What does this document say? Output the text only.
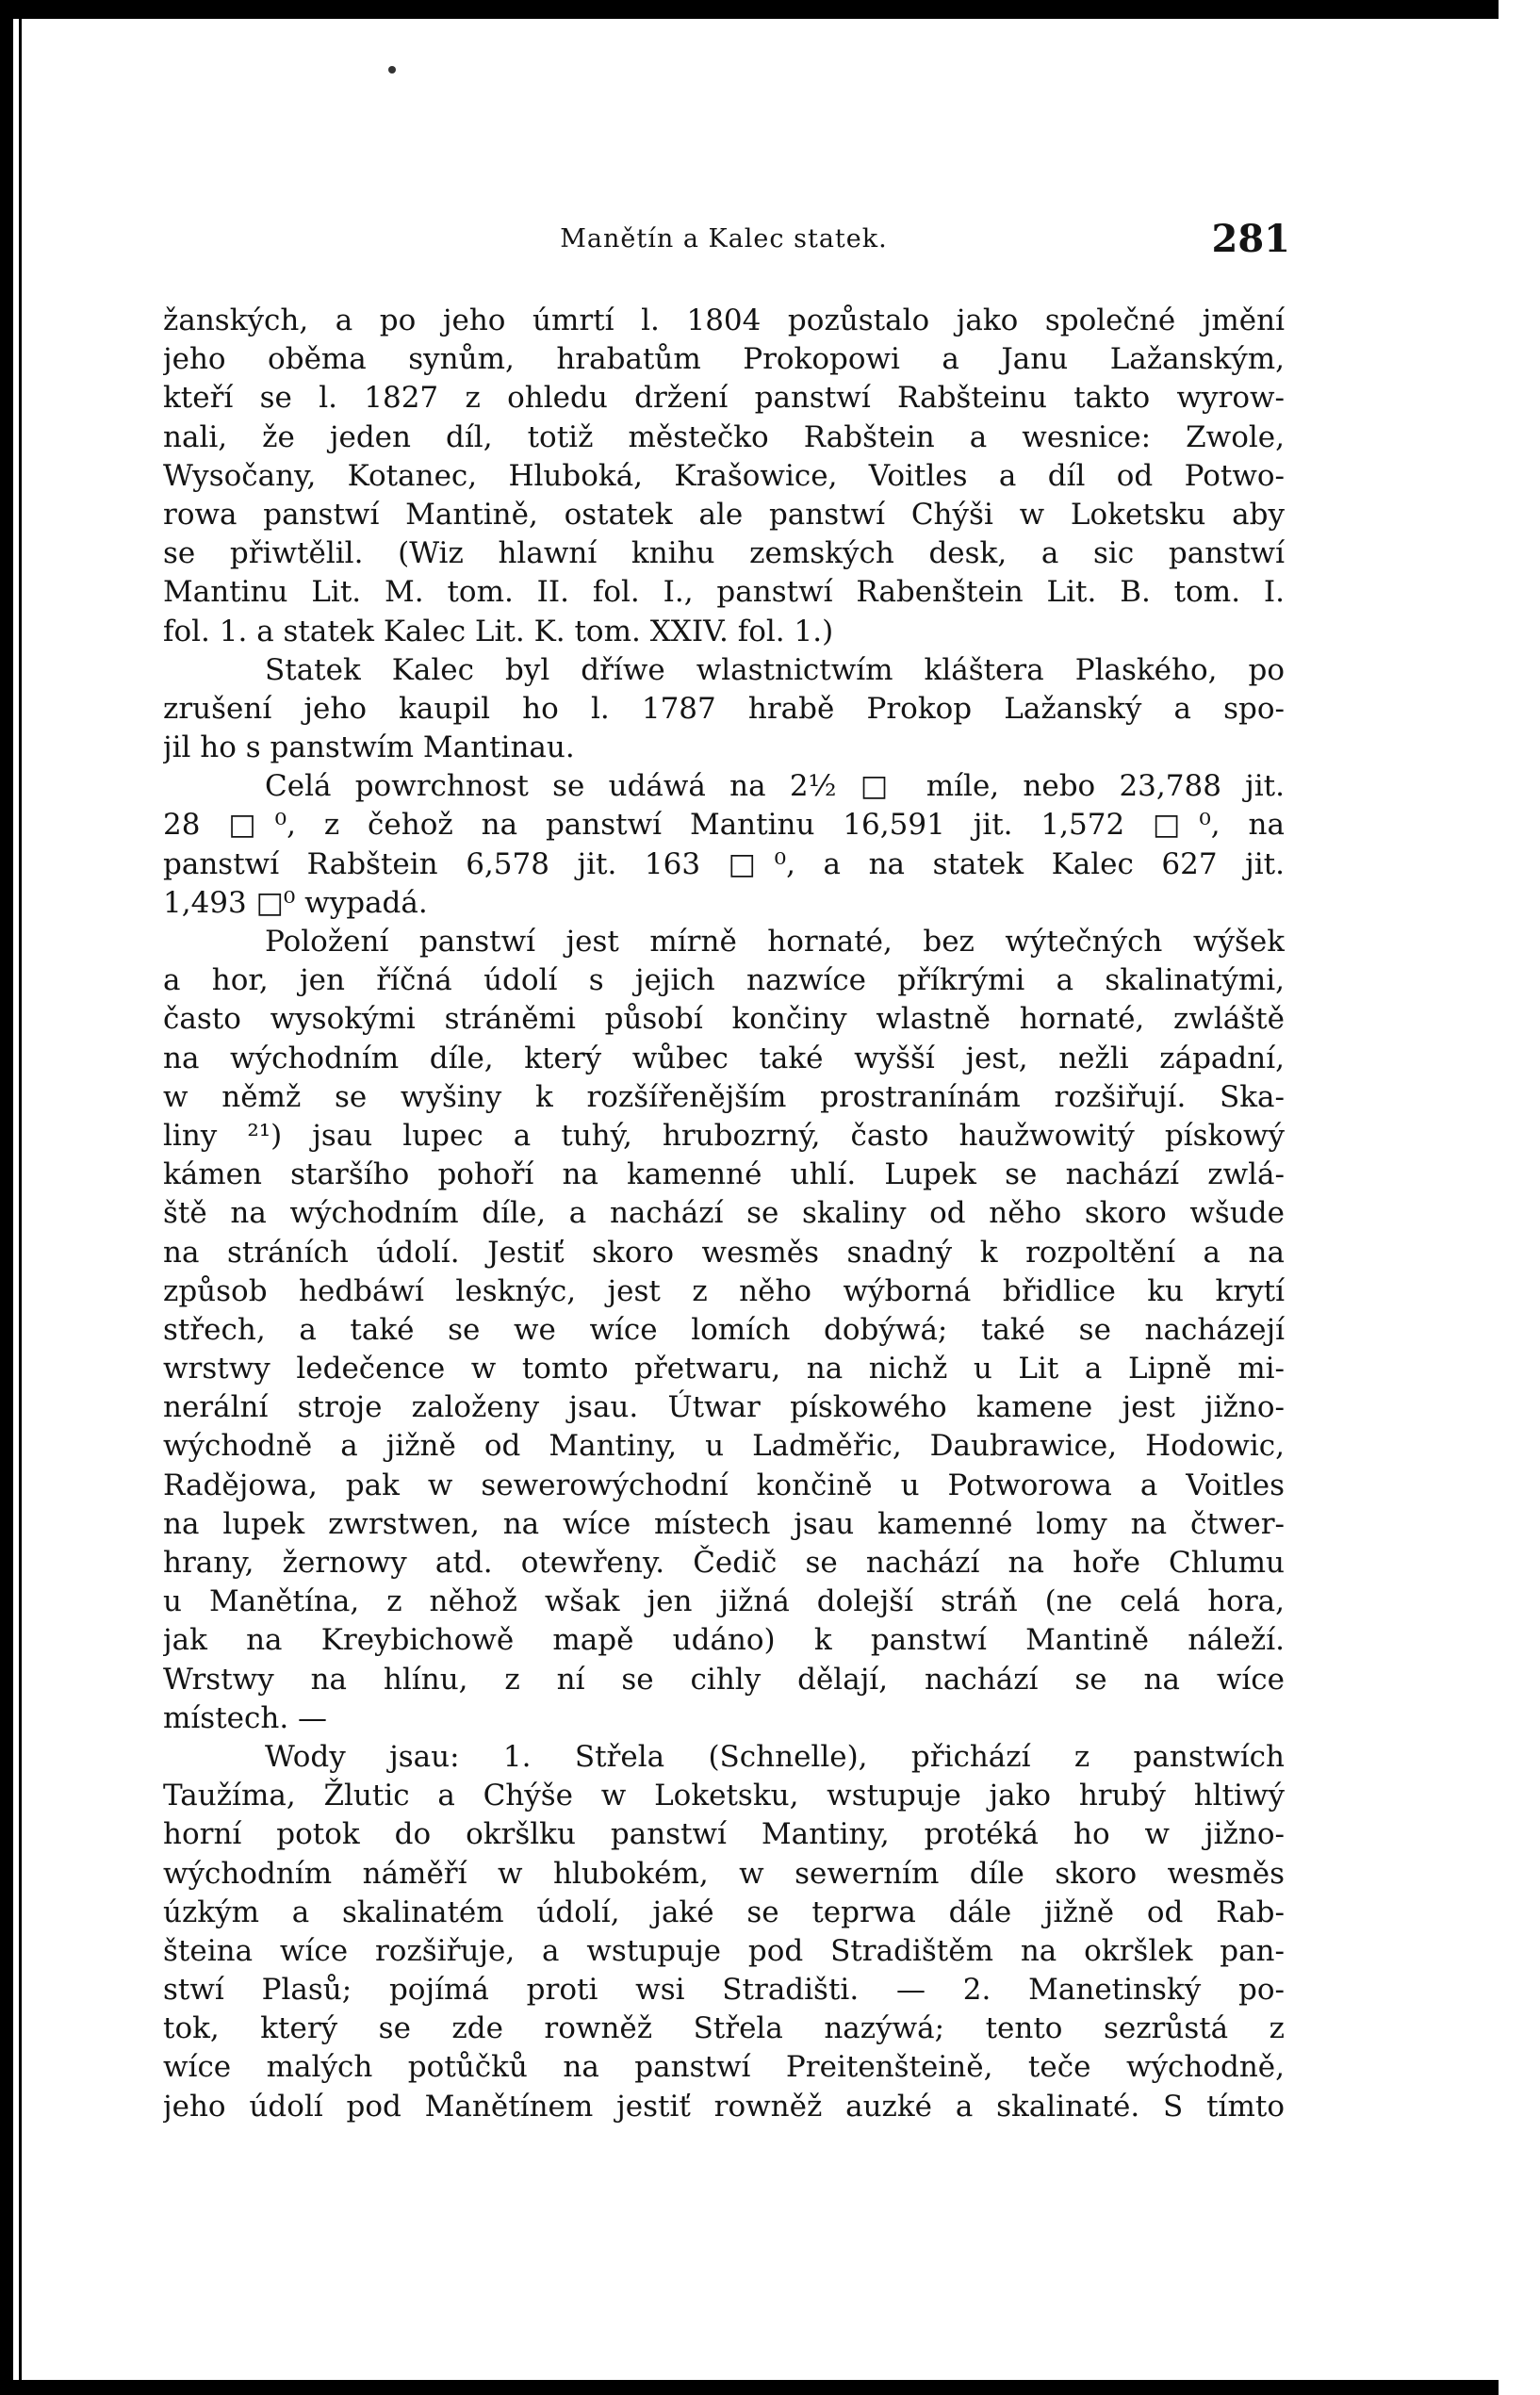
Manětín a Kalec statek.	281
žanských, a po jeho úmrtí l. 1804 pozůstalo jako společné jmění
jeho oběma synům, hrabatům Prokopowi a Janu Lažanským,
kteří se l. 1827 z ohledu držení panstwí Rabšteinu takto wyrow-
nali, že jeden díl, totiž městečko Rabštein a wesnice: Zwole,
Wysočany, Kotanec, Hluboká, Krašowice, Voitles a díl od Potwo-
rowa panstwí Mantině, ostatek ale panstwí Chýši w Loketsku aby
se přiwtělil. (Wiz hlawní knihu zemských desk, a sic panstwí
Mantinu Lit. M. tom. II. fol. I., panstwí Rabenštein Lit. B. tom. I.
fol. 1. a statek Kalec Lit. K. tom. XXIV. fol. 1.)
Statek Kalec byl dříwe wlastnictwím kláštera Plaského, po
zrušení jeho kaupil ho l. 1787 hrabě Prokop Lažanský a spo-
jil ho s panstwím Mantinau.
Celá powrchnost se udáwá na 2½ □ míle, nebo 23,788 jit.
28 □⁰, z čehož na panstwí Mantinu 16,591 jit. 1,572 □⁰, na
panstwí Rabštein 6,578 jit. 163 □⁰, a na statek Kalec 627 jit.
1,493 □⁰ wypadá.
Položení panstwí jest mírně hornaté, bez wýtečných wýšek
a hor, jen říčná údolí s jejich nazwíce příkrými a skalinatými,
často wysokými stráněmi působí končiny wlastně hornaté, zwláště
na wýchodním díle, který wůbec také wyšší jest, nežli západní,
w němž se wyšiny k rozšířenějším prostranínám rozšiřují. Ska-
liny ²¹) jsau lupec a tuhý, hrubozrný, často haužwowitý pískowý
kámen staršího pohoří na kamenné uhlí. Lupek se nachází zwlá-
ště na wýchodním díle, a nachází se skaliny od něho skoro wšude
na stráních údolí. Jestiť skoro wesměs snadný k rozpoltění a na
způsob hedbáwí lesknýc, jest z něho wýborná břidlice ku krytí
střech, a také se we wíce lomích dobýwá; také se nacházejí
wrstwy ledečence w tomto přetwaru, na nichž u Lit a Lipně mi-
nerální stroje založeny jsau. Útwar pískowého kamene jest jižno-
wýchodně a jižně od Mantiny, u Ladměřic, Daubrawice, Hodowic,
Radějowa, pak w sewerowýchodní končině u Potworowa a Voitles
na lupek zwrstwen, na wíce místech jsau kamenné lomy na čtwer-
hrany, žernowy atd. otewřeny. Čedič se nachází na hoře Chlumu
u Manětína, z něhož wšak jen jižná dolejší stráň (ne celá hora,
jak na Kreybichowě mapě udáno) k panstwí Mantině náleží.
Wrstwy na hlínu, z ní se cihly dělají, nachází se na wíce
místech. —
Wody jsau: 1. Střela (Schnelle), přichází z panstwích
Taužíma, Žlutic a Chýše w Loketsku, wstupuje jako hrubý hltiwý
horní potok do okršlku panstwí Mantiny, protéká ho w jižno-
wýchodním náměří w hlubokém, w sewerním díle skoro wesměs
úzkým a skalinatém údolí, jaké se teprwa dále jižně od Rab-
šteina wíce rozšiřuje, a wstupuje pod Stradištěm na okršlek pan-
stwí Plasů; pojímá proti wsi Stradišti. — 2. Manetinský po-
tok, který se zde rowněž Střela nazýwá; tento sezrůstá z
wíce malých potůčků na panstwí Preitenšteině, teče wýchodně,
jeho údolí pod Manětínem jestiť rowněž auzké a skalinaté. S tímto
